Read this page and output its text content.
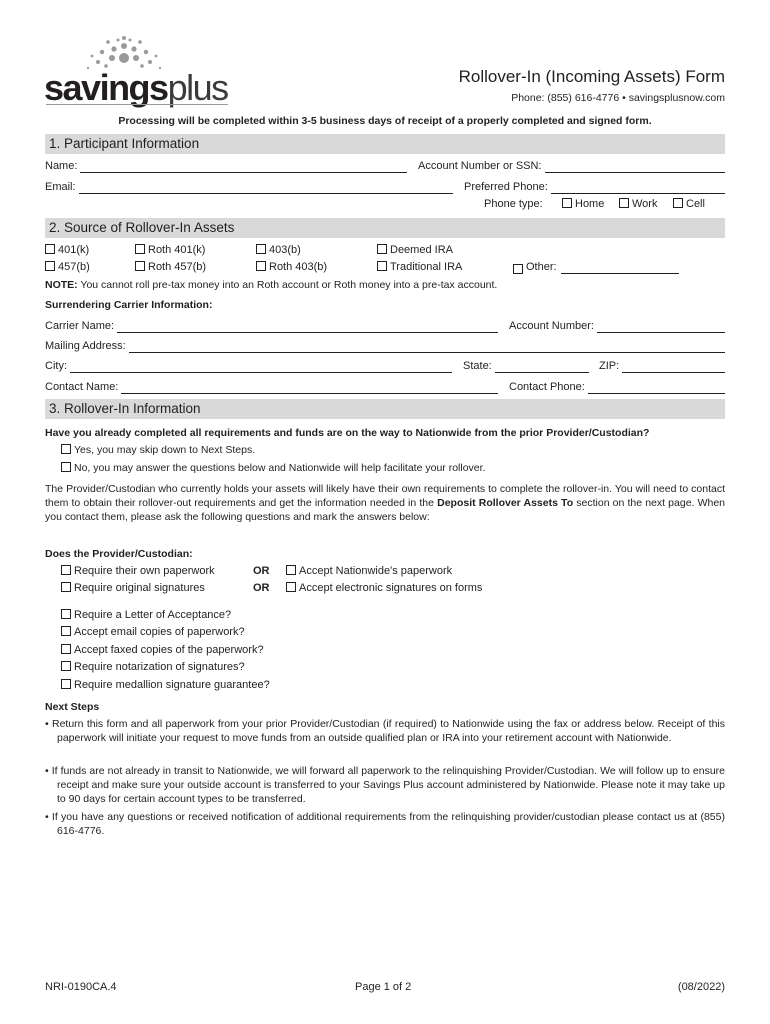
savingsplus	Rollover-In (Incoming Assets) Form
Phone: (855) 616-4776 • savingsplusnow.com
Processing will be completed within 3-5 business days of receipt of a properly completed and signed form.
1. Participant Information
Name:	Account Number or SSN:
Email:	Preferred Phone:
Phone type:	Home	Work	Cell
2. Source of Rollover-In Assets
401(k)	Roth 401(k)	403(b)	Deemed IRA
457(b)	Roth 457(b)	Roth 403(b)	Traditional IRA	Other:
NOTE: You cannot roll pre-tax money into an Roth account or Roth money into a pre-tax account.
Surrendering Carrier Information:
Carrier Name:	Account Number:
Mailing Address:
City:	State:	ZIP:
Contact Name:	Contact Phone:
3. Rollover-In Information
Have you already completed all requirements and funds are on the way to Nationwide from the prior Provider/Custodian?
Yes, you may skip down to Next Steps.
No, you may answer the questions below and Nationwide will help facilitate your rollover.
The Provider/Custodian who currently holds your assets will likely have their own requirements to complete the rollover-in. You will need to contact them to obtain their rollover-out requirements and get the information needed in the Deposit Rollover Assets To section on the next page. When you contact them, please ask the following questions and mark the answers below:
Does the Provider/Custodian:
Require their own paperwork	OR	Accept Nationwide's paperwork
Require original signatures	OR	Accept electronic signatures on forms
Require a Letter of Acceptance?
Accept email copies of paperwork?
Accept faxed copies of the paperwork?
Require notarization of signatures?
Require medallion signature guarantee?
Next Steps
• Return this form and all paperwork from your prior Provider/Custodian (if required) to Nationwide using the fax or address below. Receipt of this paperwork will initiate your request to move funds from an outside qualified plan or IRA into your retirement account with Nationwide.
• If funds are not already in transit to Nationwide, we will forward all paperwork to the relinquishing Provider/Custodian. We will follow up to ensure receipt and make sure your outside account is transferred to your Savings Plus account administered by Nationwide. Please note it may take up to 90 days for certain account types to be transferred.
• If you have any questions or received notification of additional requirements from the relinquishing provider/custodian please contact us at (855) 616-4776.
NRI-0190CA.4	Page 1 of 2	(08/2022)
